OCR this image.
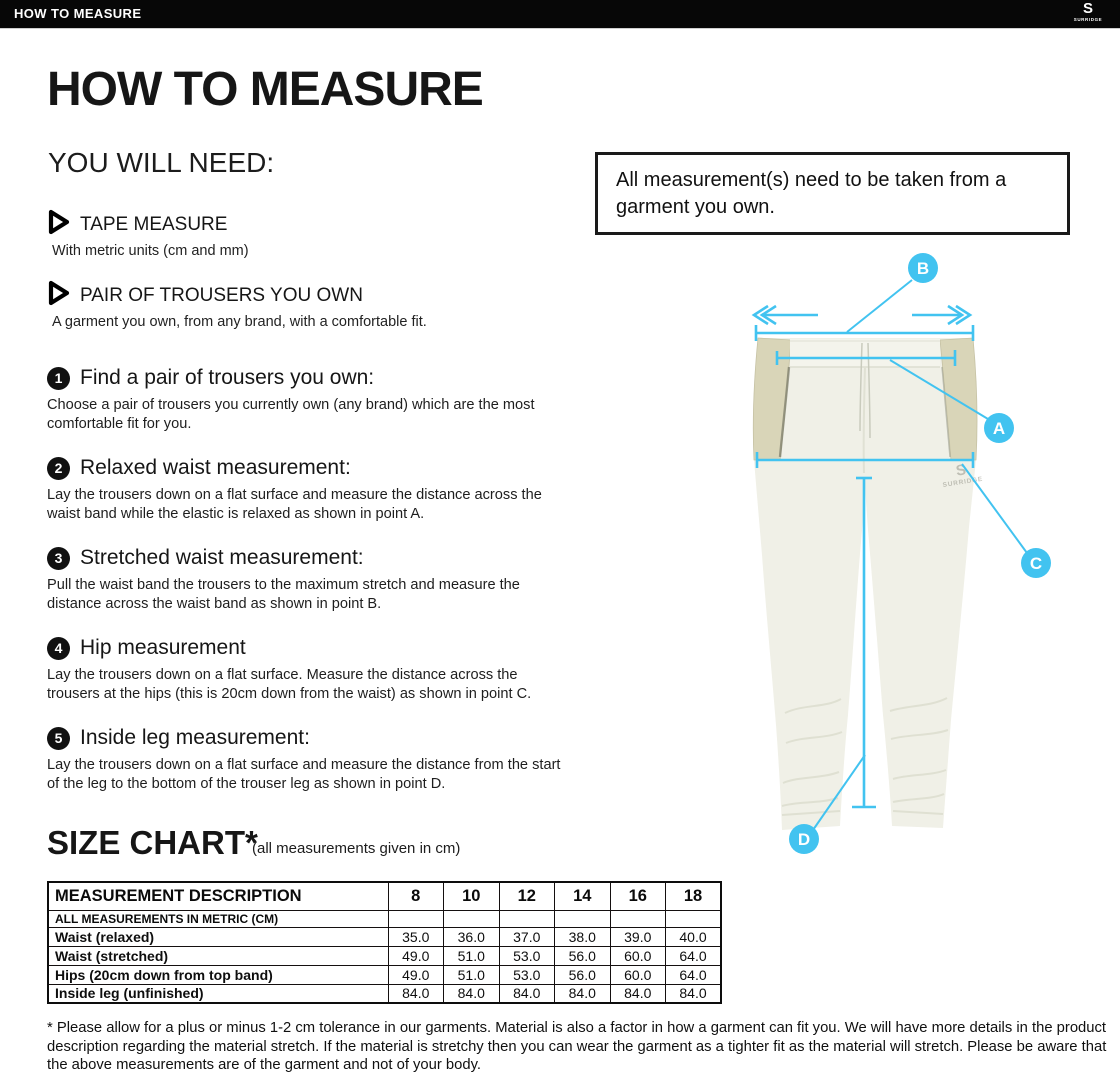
HOW TO MEASURE	S
SURRIDGE
HOW TO MEASURE
YOU WILL NEED:
TAPE MEASURE
With metric units (cm and mm)
PAIR OF TROUSERS YOU OWN
A garment you own, from any brand, with a comfortable fit.
All measurement(s) need to be taken from a garment you own.
1 Find a pair of trousers you own:
Choose a pair of trousers you currently own (any brand) which are the most comfortable fit for you.
2 Relaxed waist measurement:
Lay the trousers down on a flat surface and measure the distance across the waist band while the elastic is relaxed as shown in point A.
3 Stretched waist measurement:
Pull the waist band the trousers to the maximum stretch and measure the distance across the waist band as shown in point B.
4 Hip measurement
Lay the trousers down on a flat surface. Measure the distance across the trousers at the hips (this is 20cm down from the waist) as shown in point C.
5 Inside leg measurement:
Lay the trousers down on a flat surface and measure the distance from the start of the leg to the bottom of the trouser leg as shown in point D.
S
SURRIDGE
B
A
C
D
SIZE CHART*
(all measurements given in cm)
MEASUREMENT DESCRIPTION	8	10	12	14	16	18
ALL MEASUREMENTS IN METRIC (CM)						
Waist (relaxed)	35.0	36.0	37.0	38.0	39.0	40.0
Waist (stretched)	49.0	51.0	53.0	56.0	60.0	64.0
Hips (20cm down from top band)	49.0	51.0	53.0	56.0	60.0	64.0
Inside leg (unfinished)	84.0	84.0	84.0	84.0	84.0	84.0
* Please allow for a plus or minus 1-2 cm tolerance in our garments. Material is also a factor in how a garment can fit you. We will have more details in the product description regarding the material stretch. If the material is stretchy then you can wear the garment as a tighter fit as the material will stretch. Please be aware that the above measurements are of the garment and not of your body.
